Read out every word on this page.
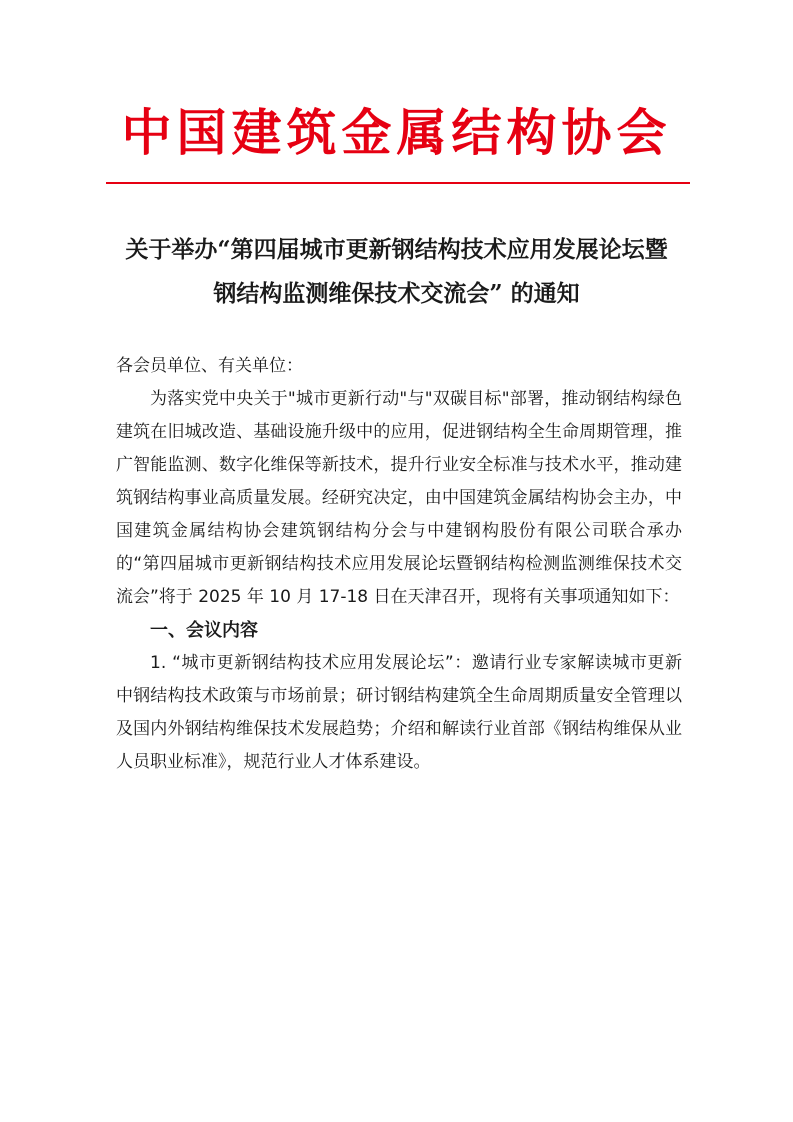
中国建筑金属结构协会
关于举办“第四届城市更新钢结构技术应用发展论坛暨
钢结构监测维保技术交流会” 的通知

各会员单位、有关单位：

为落实党中央关于"城市更新行动"与"双碳目标"部署，推动钢结构绿色建筑在旧城改造、基础设施升级中的应用，促进钢结构全生命周期管理，推广智能监测、数字化维保等新技术，提升行业安全标准与技术水平，推动建筑钢结构事业高质量发展。经研究决定，由中国建筑金属结构协会主办，中国建筑金属结构协会建筑钢结构分会与中建钢构股份有限公司联合承办的“第四届城市更新钢结构技术应用发展论坛暨钢结构检测监测维保技术交流会”将于 2025 年 10 月 17-18 日在天津召开，现将有关事项通知如下：

一、会议内容

1. “城市更新钢结构技术应用发展论坛”：邀请行业专家解读城市更新中钢结构技术政策与市场前景；研讨钢结构建筑全生命周期质量安全管理以及国内外钢结构维保技术发展趋势；介绍和解读行业首部《钢结构维保从业人员职业标准》，规范行业人才体系建设。
